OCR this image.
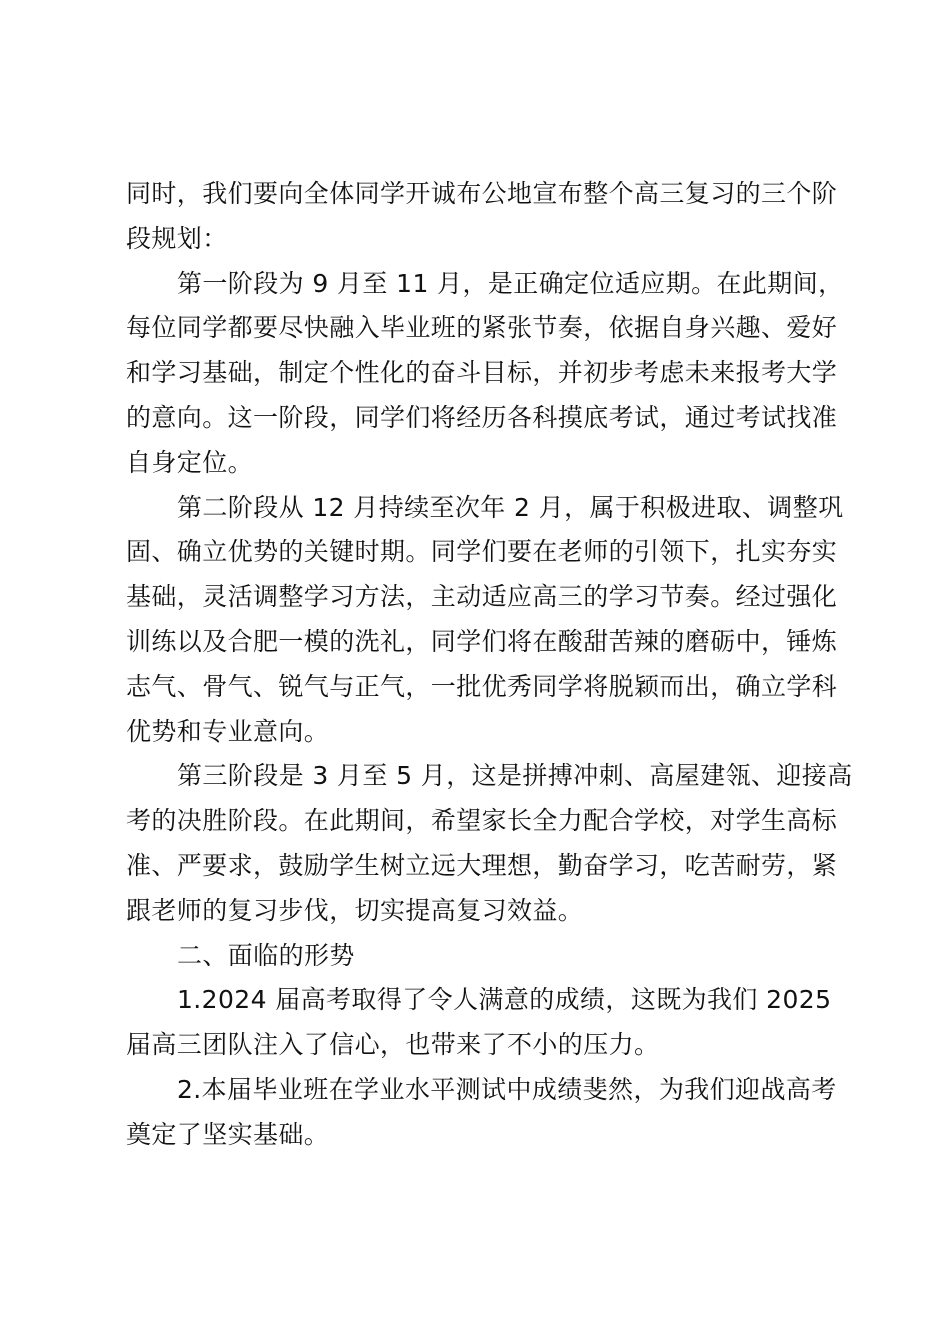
同时，我们要向全体同学开诚布公地宣布整个高三复习的三个阶段规划：

第一阶段为 9 月至 11 月，是正确定位适应期。在此期间，每位同学都要尽快融入毕业班的紧张节奏，依据自身兴趣、爱好和学习基础，制定个性化的奋斗目标，并初步考虑未来报考大学的意向。这一阶段，同学们将经历各科摸底考试，通过考试找准自身定位。

第二阶段从 12 月持续至次年 2 月，属于积极进取、调整巩固、确立优势的关键时期。同学们要在老师的引领下，扎实夯实基础，灵活调整学习方法，主动适应高三的学习节奏。经过强化训练以及合肥一模的洗礼，同学们将在酸甜苦辣的磨砺中，锤炼志气、骨气、锐气与正气，一批优秀同学将脱颖而出，确立学科优势和专业意向。

第三阶段是 3 月至 5 月，这是拼搏冲刺、高屋建瓴、迎接高考的决胜阶段。在此期间，希望家长全力配合学校，对学生高标准、严要求，鼓励学生树立远大理想，勤奋学习，吃苦耐劳，紧跟老师的复习步伐，切实提高复习效益。

二、面临的形势

1.2024 届高考取得了令人满意的成绩，这既为我们 2025 届高三团队注入了信心，也带来了不小的压力。

2.本届毕业班在学业水平测试中成绩斐然，为我们迎战高考奠定了坚实基础。
